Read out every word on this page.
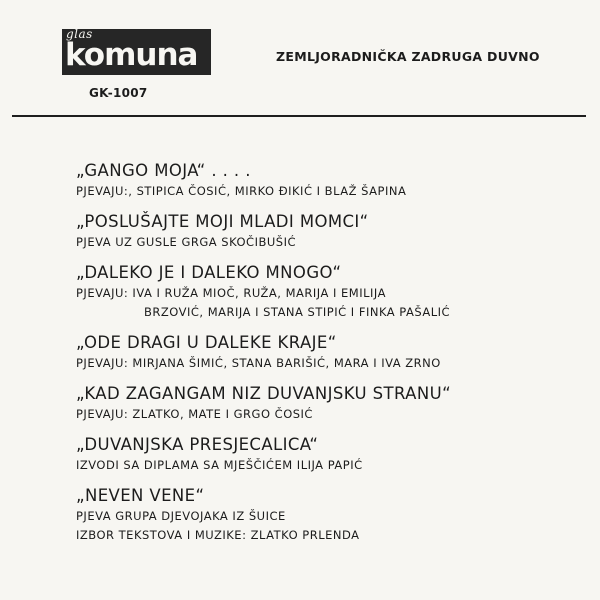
glas
komuna
GK-1007
ZEMLJORADNIČKA ZADRUGA DUVNO
„GANGO MOJA“ . . . .
PJEVAJU:, STIPICA ČOSIĆ, MIRKO ĐIKIĆ I BLAŽ ŠAPINA
„POSLUŠAJTE MOJI MLADI MOMCI“
PJEVA UZ GUSLE GRGA SKOČIBUŠIĆ
„DALEKO JE I DALEKO MNOGO“
PJEVAJU: IVA I RUŽA MIOČ, RUŽA, MARIJA I EMILIJA
BRZOVIĆ, MARIJA I STANA STIPIĆ I FINKA PAŠALIĆ
„ODE DRAGI U DALEKE KRAJE“
PJEVAJU: MIRJANA ŠIMIĆ, STANA BARIŠIĆ, MARA I IVA ZRNO
„KAD ZAGANGAM NIZ DUVANJSKU STRANU“
PJEVAJU: ZLATKO, MATE I GRGO ČOSIĆ
„DUVANJSKA PRESJECALICA“
IZVODI SA DIPLAMA SA MJEŠČIĆEM ILIJA PAPIĆ
„NEVEN VENE“
PJEVA GRUPA DJEVOJAKA IZ ŠUICE
IZBOR TEKSTOVA I MUZIKE: ZLATKO PRLENDA
